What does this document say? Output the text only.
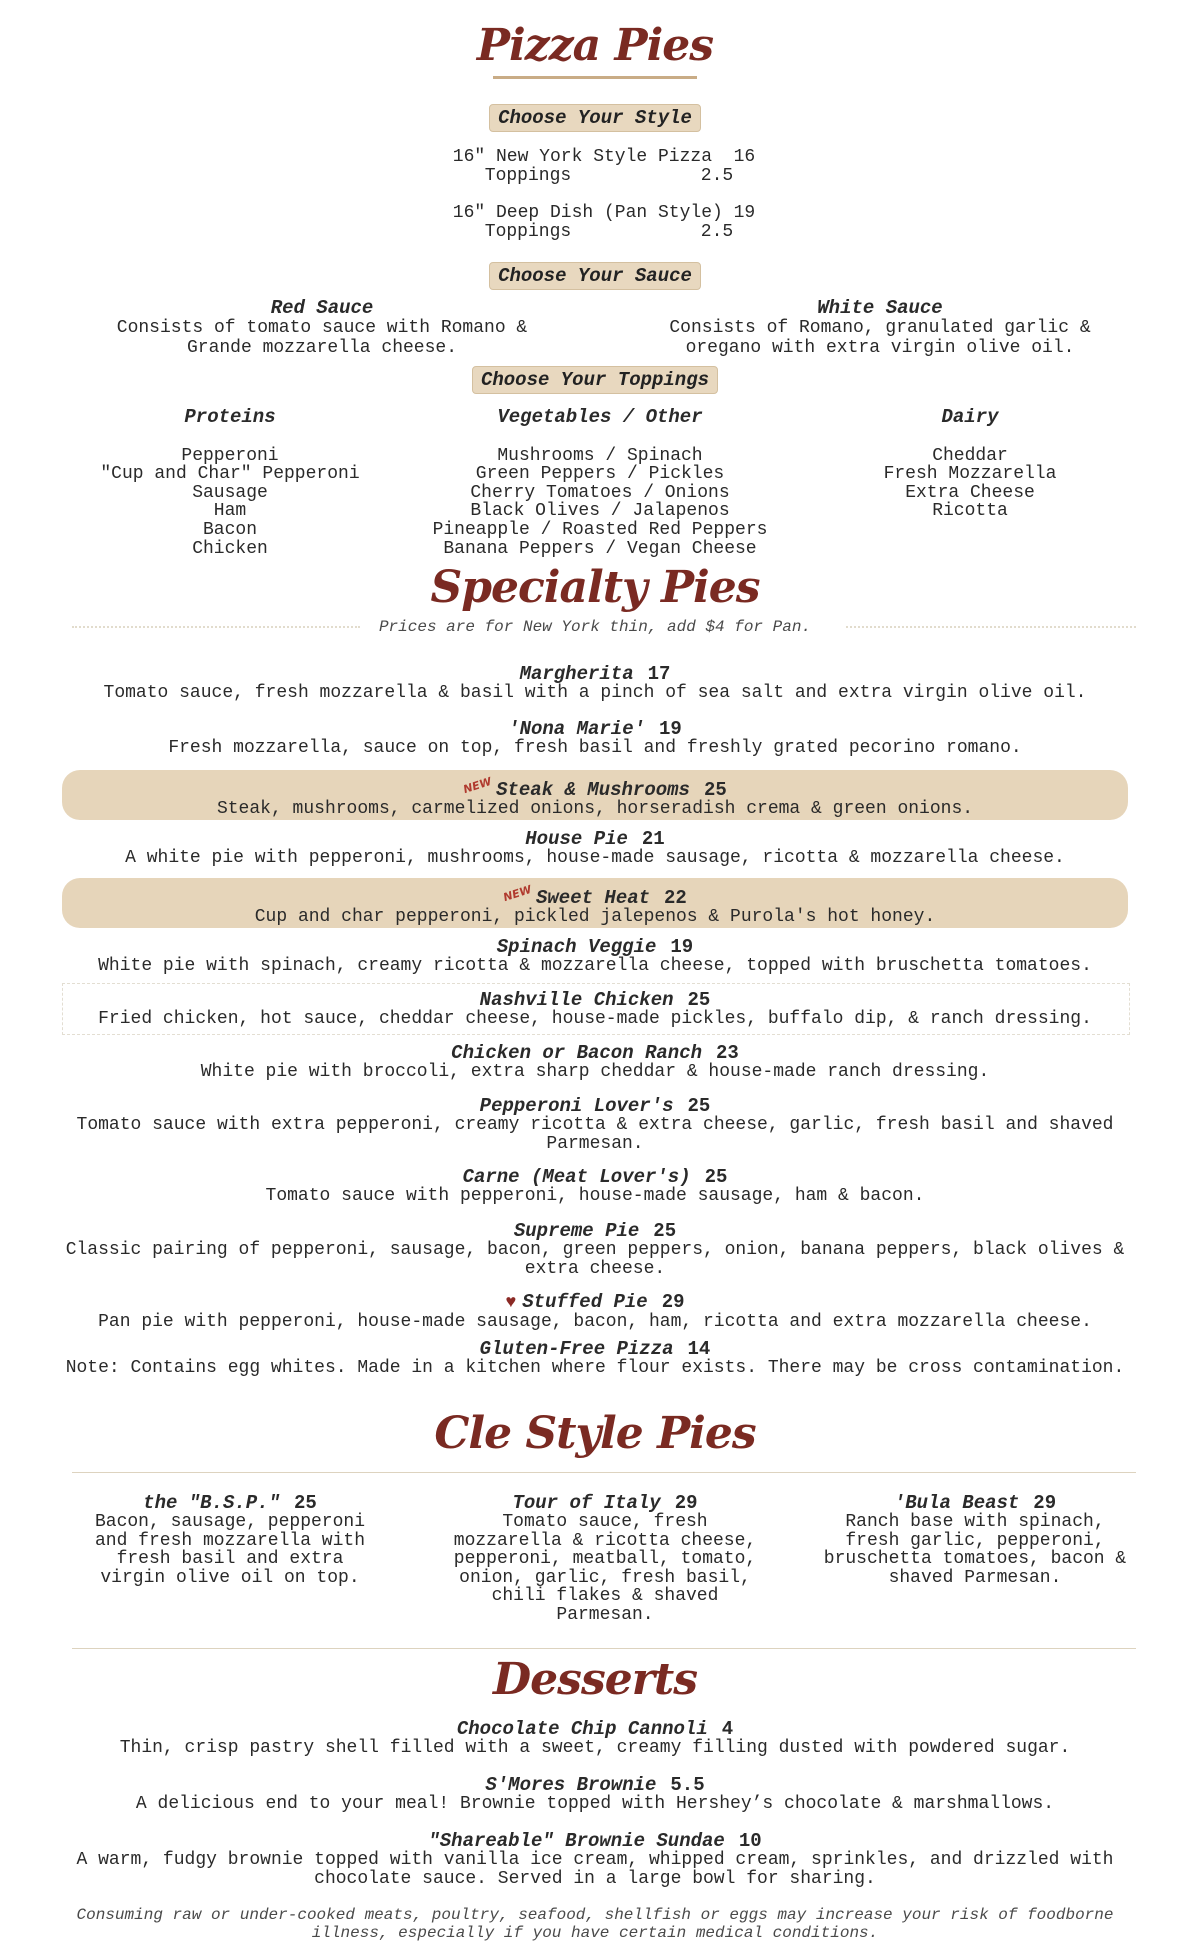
Pizza Pies
Choose Your Style
16" New York Style Pizza  16
Toppings            2.5
16" Deep Dish (Pan Style) 19
Toppings            2.5
Choose Your Sauce
Red Sauce
Consists of tomato sauce with Romano & Grande mozzarella cheese.
White Sauce
Consists of Romano, granulated garlic & oregano with extra virgin olive oil.
Choose Your Toppings
Proteins
Pepperoni
"Cup and Char" Pepperoni
Sausage
Ham
Bacon
Chicken
Vegetables / Other
Mushrooms / Spinach
Green Peppers / Pickles
Cherry Tomatoes / Onions
Black Olives / Jalapenos
Pineapple / Roasted Red Peppers
Banana Peppers / Vegan Cheese
Dairy
Cheddar
Fresh Mozzarella
Extra Cheese
Ricotta
Specialty Pies
Prices are for New York thin, add $4 for Pan.
Margherita 17
Tomato sauce, fresh mozzarella & basil with a pinch of sea salt and extra virgin olive oil.
'Nona Marie' 19
Fresh mozzarella, sauce on top, fresh basil and freshly grated pecorino romano.
NEW Steak & Mushrooms 25
Steak, mushrooms, carmelized onions, horseradish crema & green onions.
House Pie 21
A white pie with pepperoni, mushrooms, house-made sausage, ricotta & mozzarella cheese.
NEW Sweet Heat 22
Cup and char pepperoni, pickled jalepenos & Purola's hot honey.
Spinach Veggie 19
White pie with spinach, creamy ricotta & mozzarella cheese, topped with bruschetta tomatoes.
Nashville Chicken 25
Fried chicken, hot sauce, cheddar cheese, house-made pickles, buffalo dip, & ranch dressing.
Chicken or Bacon Ranch 23
White pie with broccoli, extra sharp cheddar & house-made ranch dressing.
Pepperoni Lover's 25
Tomato sauce with extra pepperoni, creamy ricotta & extra cheese, garlic, fresh basil and shaved Parmesan.
Carne (Meat Lover's) 25
Tomato sauce with pepperoni, house-made sausage, ham & bacon.
Supreme Pie 25
Classic pairing of pepperoni, sausage, bacon, green peppers, onion, banana peppers, black olives & extra cheese.
♥ Stuffed Pie 29
Pan pie with pepperoni, house-made sausage, bacon, ham, ricotta and extra mozzarella cheese.
Gluten-Free Pizza 14
Note: Contains egg whites. Made in a kitchen where flour exists. There may be cross contamination.
Cle Style Pies
the "B.S.P." 25
Bacon, sausage, pepperoni and fresh mozzarella with fresh basil and extra virgin olive oil on top.
Tour of Italy 29
Tomato sauce, fresh mozzarella & ricotta cheese, pepperoni, meatball, tomato, onion, garlic, fresh basil, chili flakes & shaved Parmesan.
'Bula Beast 29
Ranch base with spinach, fresh garlic, pepperoni, bruschetta tomatoes, bacon & shaved Parmesan.
Desserts
Chocolate Chip Cannoli 4
Thin, crisp pastry shell filled with a sweet, creamy filling dusted with powdered sugar.
S'Mores Brownie 5.5
A delicious end to your meal! Brownie topped with Hershey’s chocolate & marshmallows.
"Shareable" Brownie Sundae 10
A warm, fudgy brownie topped with vanilla ice cream, whipped cream, sprinkles, and drizzled with chocolate sauce. Served in a large bowl for sharing.
Consuming raw or under-cooked meats, poultry, seafood, shellfish or eggs may increase your risk of foodborne illness, especially if you have certain medical conditions.
